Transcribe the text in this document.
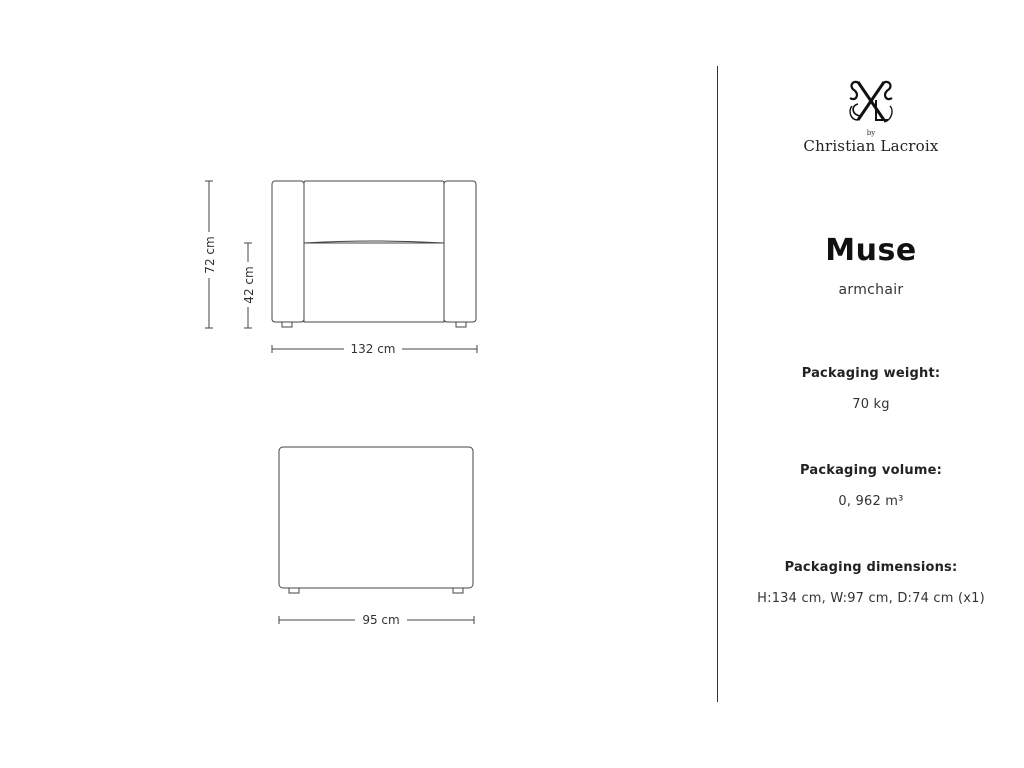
72 cm
42 cm
132 cm
95 cm
by
Christian Lacroix
Muse
armchair
Packaging weight:
70 kg
Packaging volume:
0, 962 m³
Packaging dimensions:
H:134 cm, W:97 cm, D:74 cm (x1)
